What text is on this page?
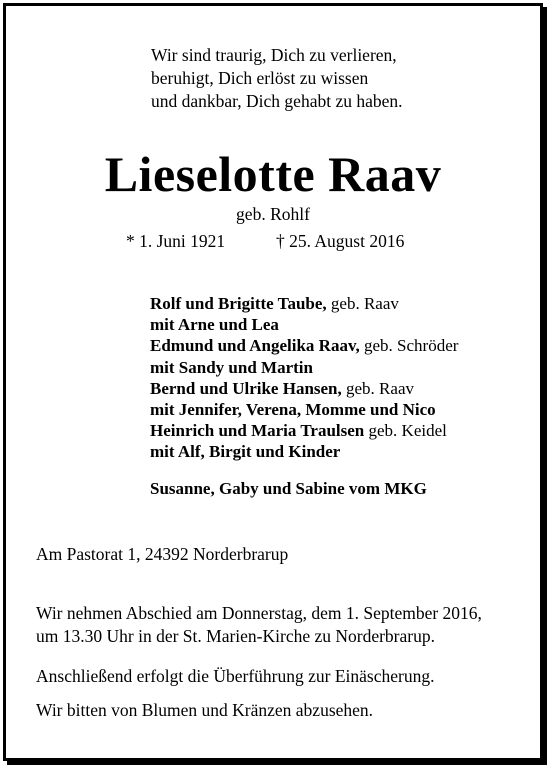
Wir sind traurig, Dich zu verlieren,
beruhigt, Dich erlöst zu wissen
und dankbar, Dich gehabt zu haben.
Lieselotte Raav
geb. Rohlf
* 1. Juni 1921	† 25. August 2016
Rolf und Brigitte Taube, geb. Raav
mit Arne und Lea
Edmund und Angelika Raav, geb. Schröder
mit Sandy und Martin
Bernd und Ulrike Hansen, geb. Raav
mit Jennifer, Verena, Momme und Nico
Heinrich und Maria Traulsen geb. Keidel
mit Alf, Birgit und Kinder
Susanne, Gaby und Sabine vom MKG
Am Pastorat 1, 24392 Norderbrarup
Wir nehmen Abschied am Donnerstag, dem 1. September 2016,
um 13.30 Uhr in der St. Marien-Kirche zu Norderbrarup.
Anschließend erfolgt die Überführung zur Einäscherung.
Wir bitten von Blumen und Kränzen abzusehen.
